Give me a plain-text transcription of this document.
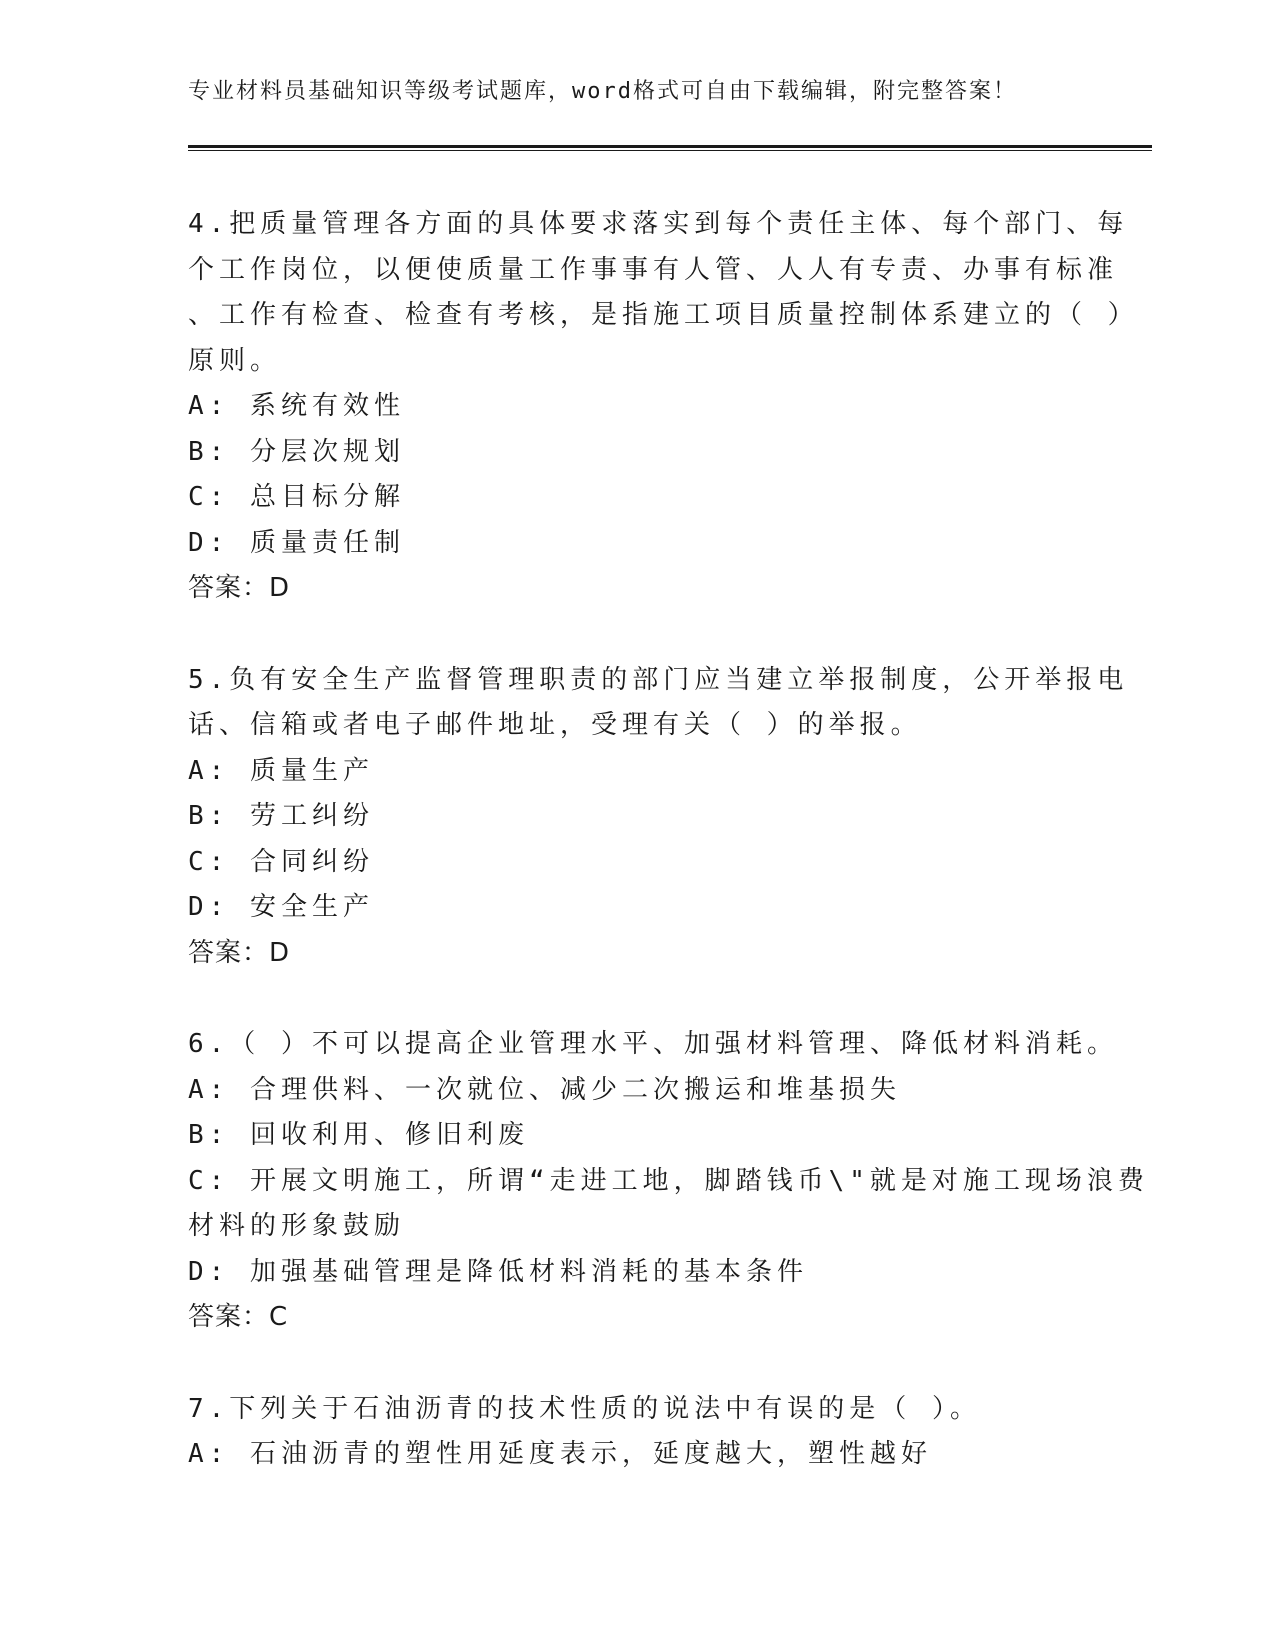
专业材料员基础知识等级考试题库，word格式可自由下载编辑，附完整答案！
4.把质量管理各方面的具体要求落实到每个责任主体、每个部门、每
个工作岗位，以便使质量工作事事有人管、人人有专责、办事有标准
、工作有检查、检查有考核，是指施工项目质量控制体系建立的（ ）
原则。
A: 系统有效性
B: 分层次规划
C: 总目标分解
D: 质量责任制
答案：D
5.负有安全生产监督管理职责的部门应当建立举报制度，公开举报电
话、信箱或者电子邮件地址，受理有关（ ）的举报。
A: 质量生产
B: 劳工纠纷
C: 合同纠纷
D: 安全生产
答案：D
6.（ ）不可以提高企业管理水平、加强材料管理、降低材料消耗。
A: 合理供料、一次就位、减少二次搬运和堆基损失
B: 回收利用、修旧利废
C: 开展文明施工，所谓“走进工地，脚踏钱币\"就是对施工现场浪费
材料的形象鼓励
D: 加强基础管理是降低材料消耗的基本条件
答案：C
7.下列关于石油沥青的技术性质的说法中有误的是（ ）。
A: 石油沥青的塑性用延度表示，延度越大，塑性越好
